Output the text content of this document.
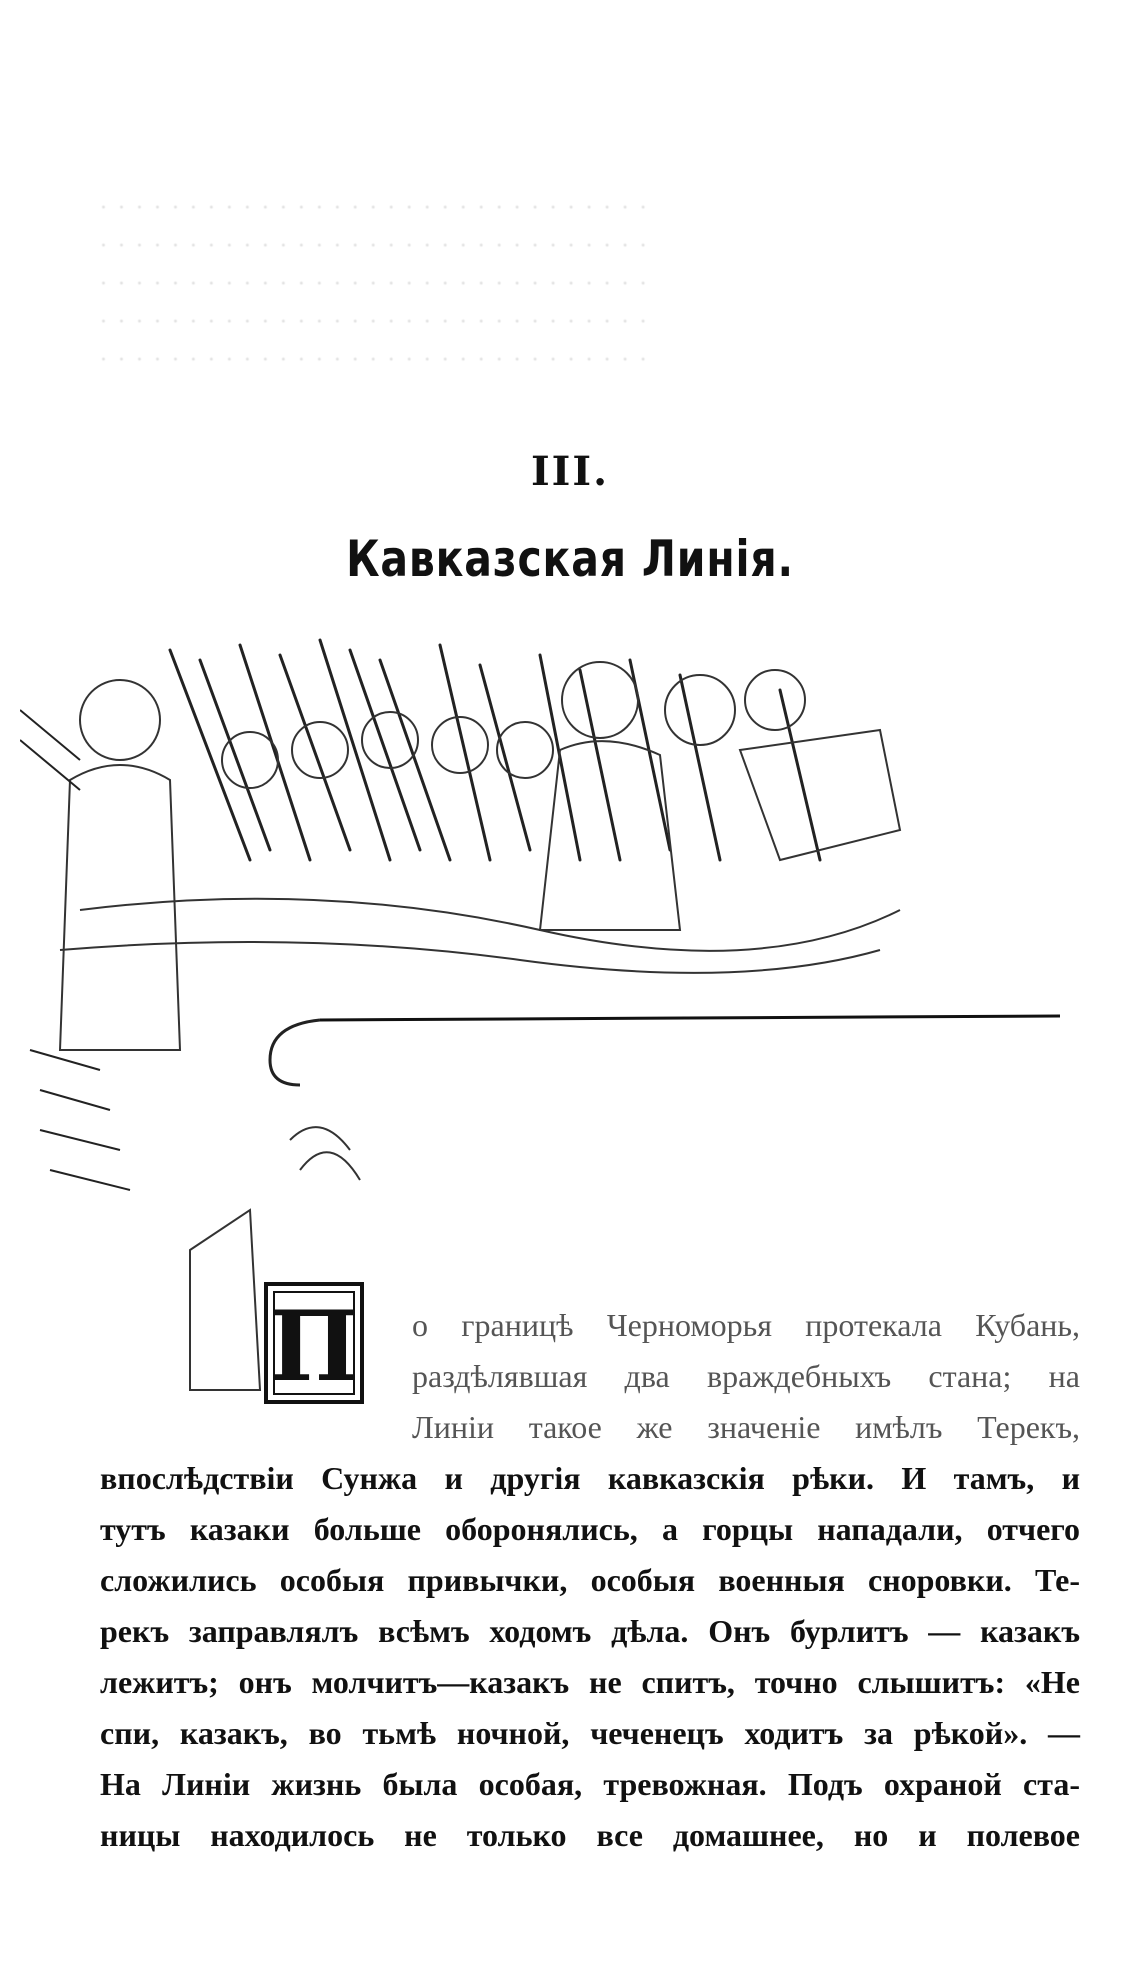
· · · · · · · · · · · · · · · · · · · · · · · · · · · · · · ·
· · · · · · · · · · · · · · · · · · · · · · · · · · · · · · ·
· · · · · · · · · · · · · · · · · · · · · · · · · · · · · · ·
· · · · · · · · · · · · · · · · · · · · · · · · · · · · · · ·
· · · · · · · · · · · · · · · · · · · · · · · · · · · · · · ·
III.
Кавказская Линія.
П	о границѣ Черноморья протекала Кубань,
раздѣлявшая два враждебныхъ стана; на
Линіи такое же значеніе имѣлъ Терекъ,
впослѣдствіи Сунжа и другія кавказскія рѣки. И тамъ, и
тутъ казаки больше оборонялись, а горцы нападали, отчего
сложились особыя привычки, особыя военныя сноровки. Те-
рекъ заправлялъ всѣмъ ходомъ дѣла. Онъ бурлитъ — казакъ
лежитъ; онъ молчитъ—казакъ не спитъ, точно слышитъ: «Не
спи, казакъ, во тьмѣ ночной, чеченецъ ходитъ за рѣкой». —
На Линіи жизнь была особая, тревожная. Подъ охраной ста-
ницы находилось не только все домашнее, но и полевое
